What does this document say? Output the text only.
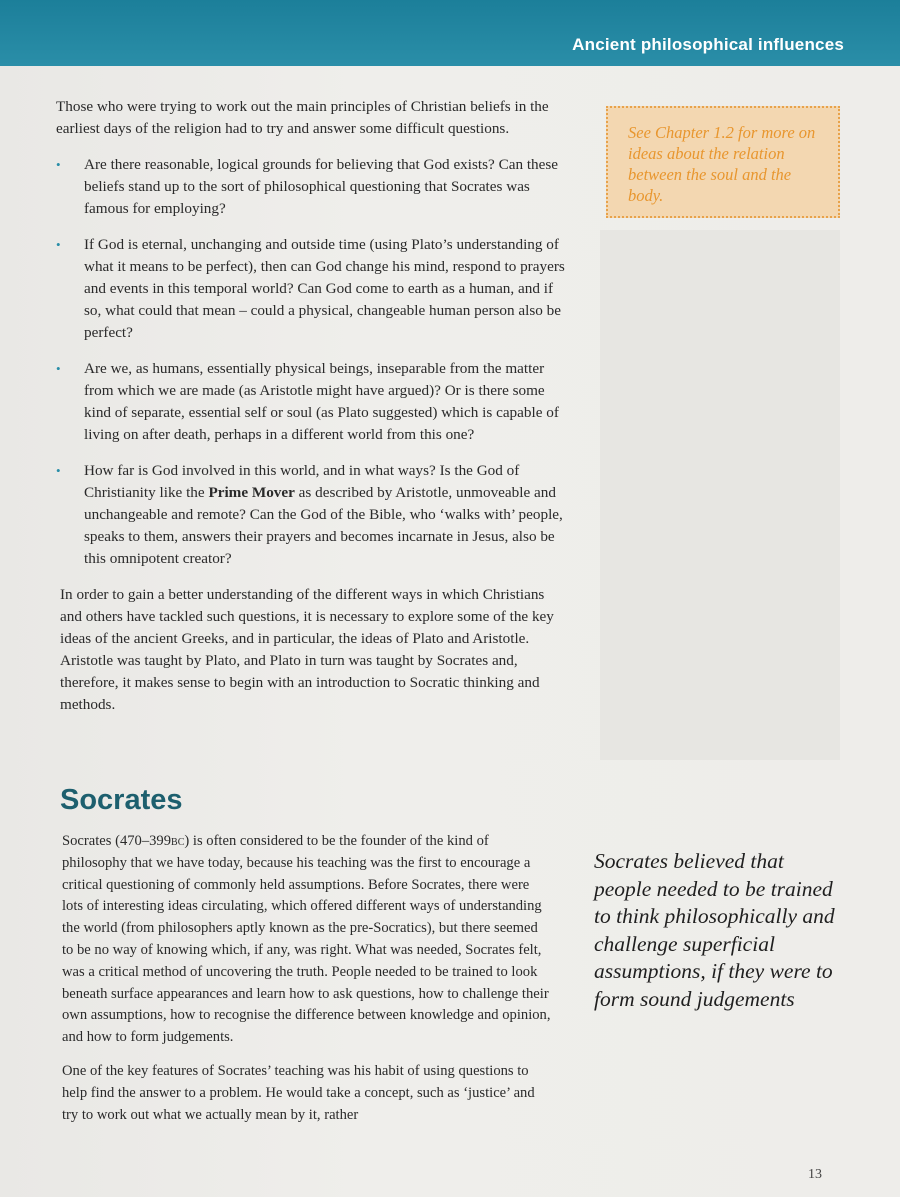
Ancient philosophical influences

Those who were trying to work out the main principles of Christian beliefs in the earliest days of the religion had to try and answer some difficult questions.

• Are there reasonable, logical grounds for believing that God exists? Can these beliefs stand up to the sort of philosophical questioning that Socrates was famous for employing?
• If God is eternal, unchanging and outside time (using Plato’s understanding of what it means to be perfect), then can God change his mind, respond to prayers and events in this temporal world? Can God come to earth as a human, and if so, what could that mean – could a physical, changeable human person also be perfect?
• Are we, as humans, essentially physical beings, inseparable from the matter from which we are made (as Aristotle might have argued)? Or is there some kind of separate, essential self or soul (as Plato suggested) which is capable of living on after death, perhaps in a different world from this one?
• How far is God involved in this world, and in what ways? Is the God of Christianity like the Prime Mover as described by Aristotle, unmoveable and unchangeable and remote? Can the God of the Bible, who ‘walks with’ people, speaks to them, answers their prayers and becomes incarnate in Jesus, also be this omnipotent creator?

In order to gain a better understanding of the different ways in which Christians and others have tackled such questions, it is necessary to explore some of the key ideas of the ancient Greeks, and in particular, the ideas of Plato and Aristotle. Aristotle was taught by Plato, and Plato in turn was taught by Socrates and, therefore, it makes sense to begin with an introduction to Socratic thinking and methods.

Socrates

Socrates (470–399bc) is often considered to be the founder of the kind of philosophy that we have today, because his teaching was the first to encourage a critical questioning of commonly held assumptions. Before Socrates, there were lots of interesting ideas circulating, which offered different ways of understanding the world (from philosophers aptly known as the pre-Socratics), but there seemed to be no way of knowing which, if any, was right. What was needed, Socrates felt, was a critical method of uncovering the truth. People needed to be trained to look beneath surface appearances and learn how to ask questions, how to challenge their own assumptions, how to recognise the difference between knowledge and opinion, and how to form judgements.

One of the key features of Socrates’ teaching was his habit of using questions to help find the answer to a problem. He would take a concept, such as ‘justice’ and try to work out what we actually mean by it, rather

See Chapter 1.2 for more on ideas about the relation between the soul and the body.
Socrates believed that people needed to be trained to think philosophically and challenge superficial assumptions, if they were to form sound judgements
13
